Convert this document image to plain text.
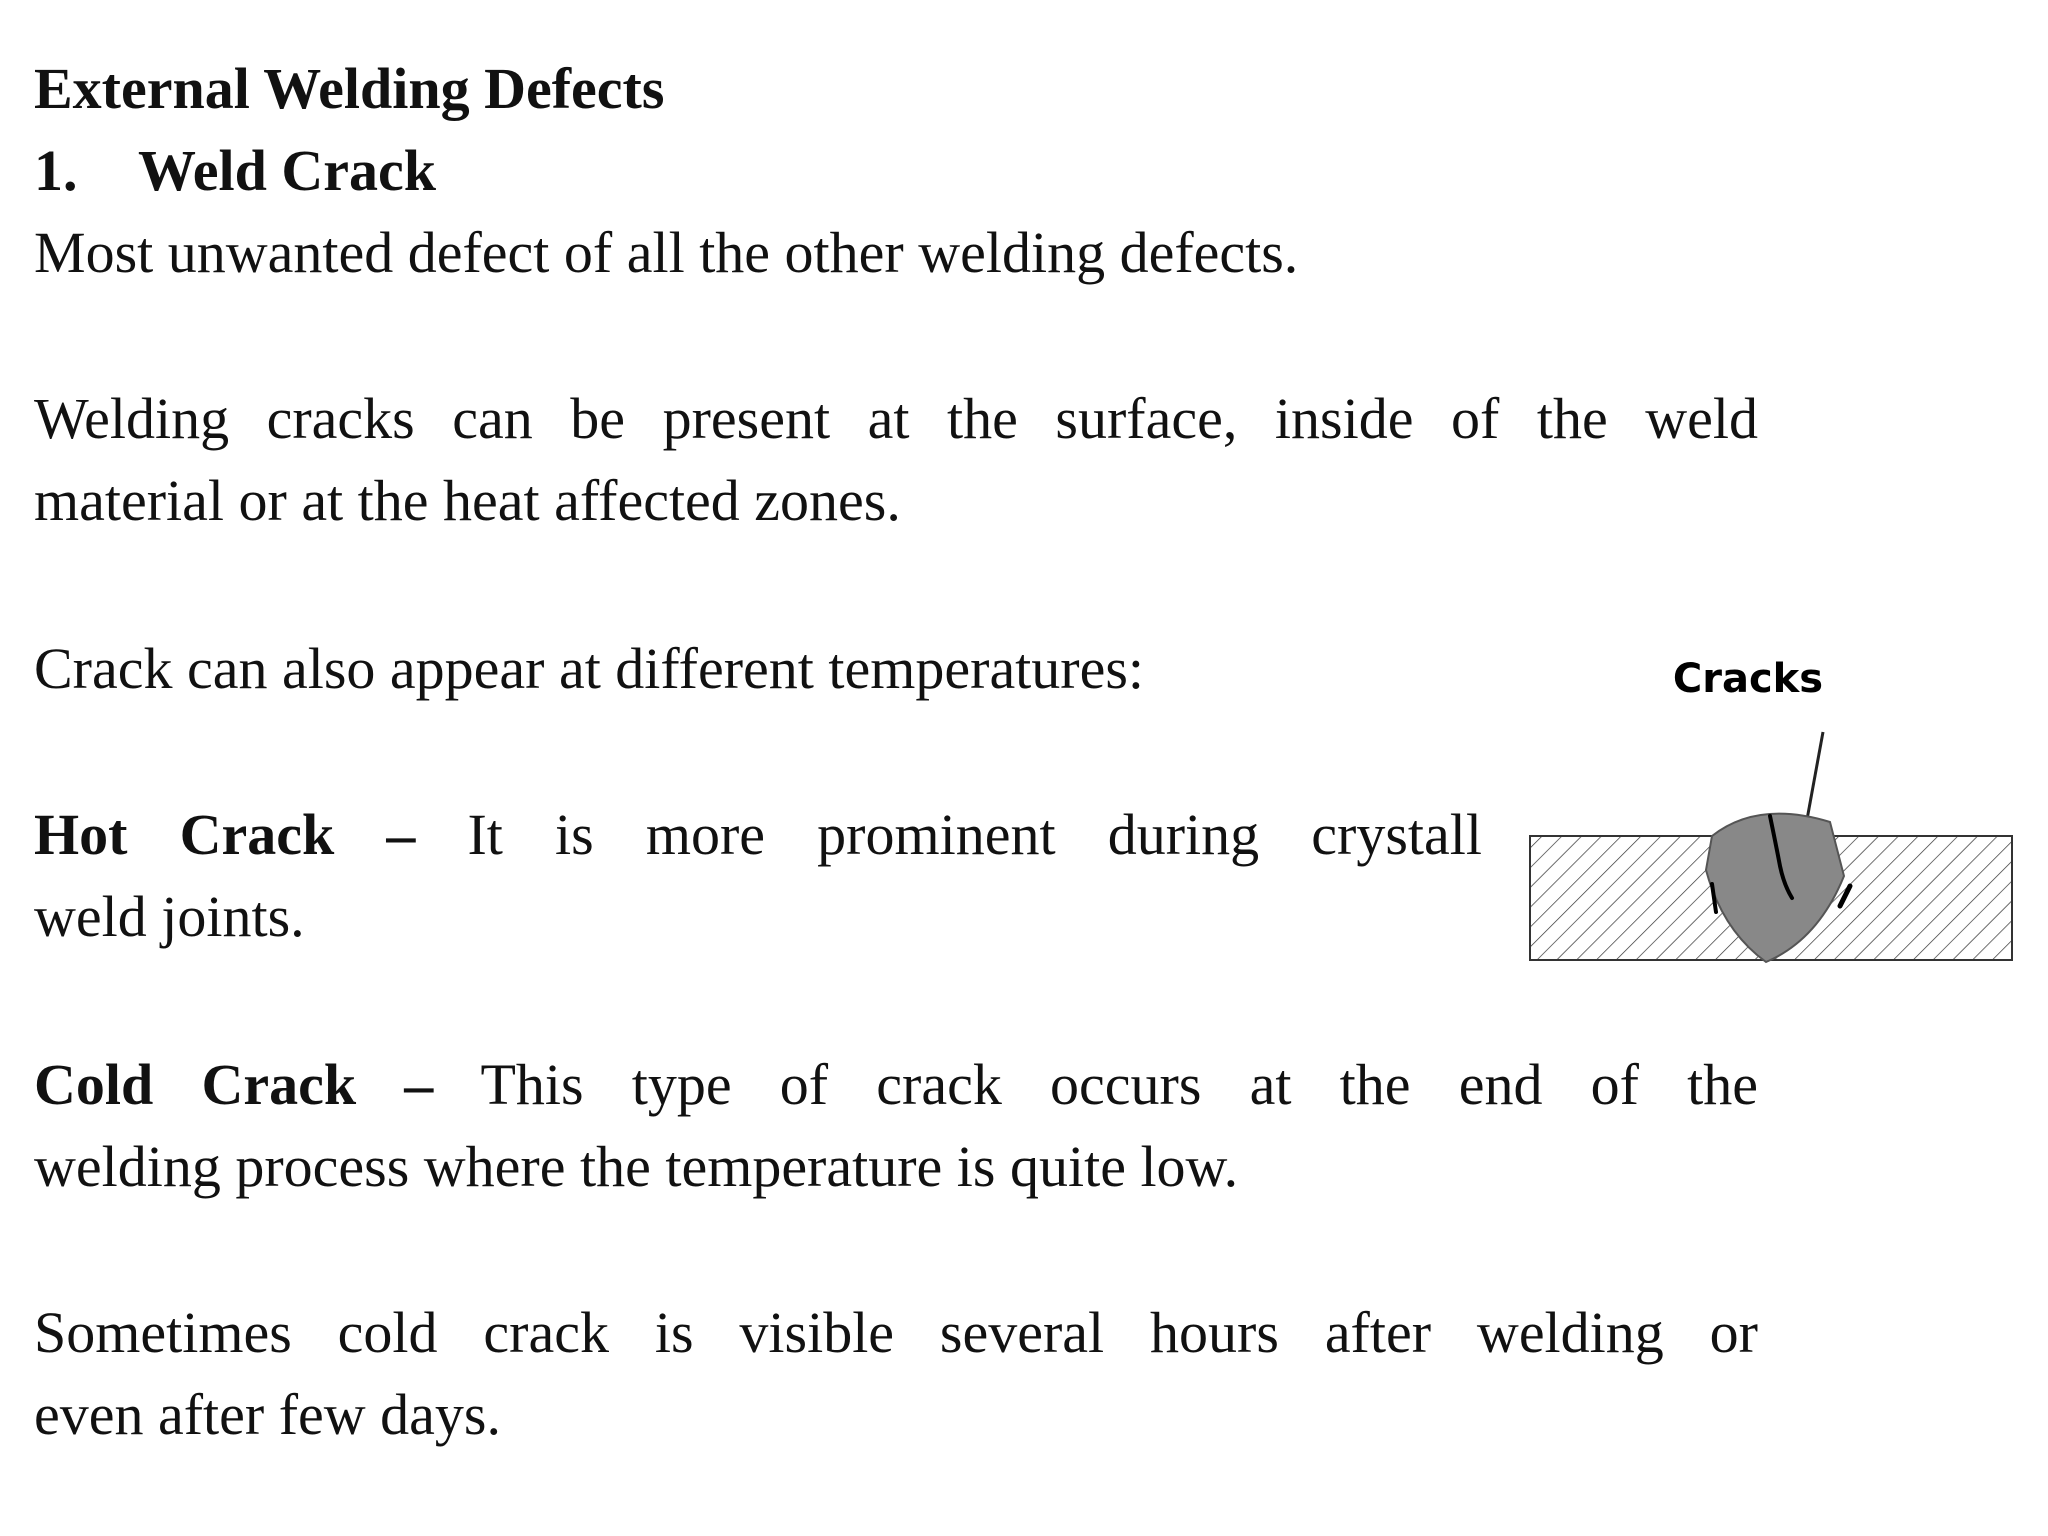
External Welding Defects
1. Weld Crack
Most unwanted defect of all the other welding defects.
Welding cracks can be present at the surface, inside of the weld
material or at the heat affected zones.
Crack can also appear at different temperatures:
Hot Crack – It is more prominent during crystall
weld joints.
Cold Crack – This type of crack occurs at the end of the
welding process where the temperature is quite low.
Sometimes cold crack is visible several hours after welding or
even after few days.
Cracks
